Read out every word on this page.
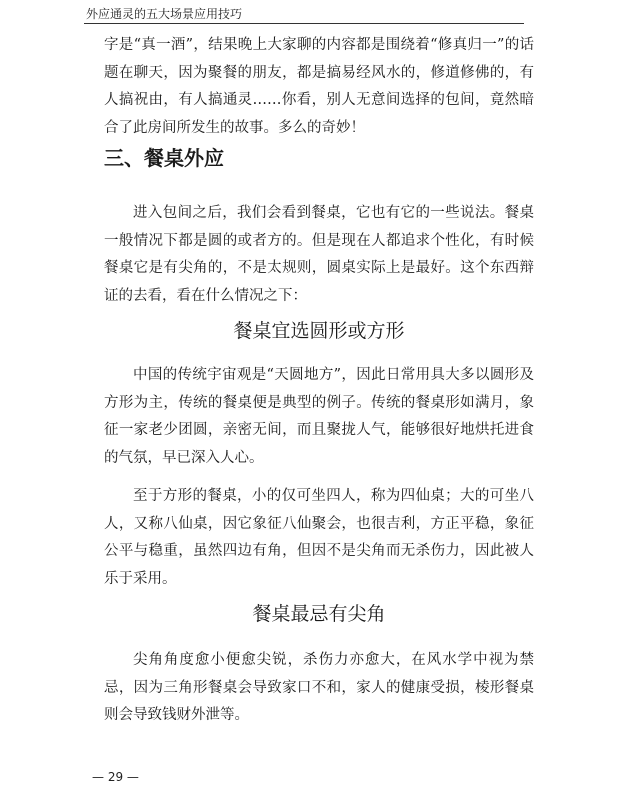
外应通灵的五大场景应用技巧

字是“真一酒”，结果晚上大家聊的内容都是围绕着“修真归一”的话题在聊天，因为聚餐的朋友，都是搞易经风水的，修道修佛的，有人搞祝由，有人搞通灵……你看，别人无意间选择的包间，竟然暗合了此房间所发生的故事。多么的奇妙！

三、餐桌外应

进入包间之后，我们会看到餐桌，它也有它的一些说法。餐桌一般情况下都是圆的或者方的。但是现在人都追求个性化，有时候餐桌它是有尖角的，不是太规则，圆桌实际上是最好。这个东西辩证的去看，看在什么情况之下：

餐桌宜选圆形或方形

中国的传统宇宙观是“天圆地方”，因此日常用具大多以圆形及方形为主，传统的餐桌便是典型的例子。传统的餐桌形如满月，象征一家老少团圆，亲密无间，而且聚拢人气，能够很好地烘托进食的气氛，早已深入人心。

至于方形的餐桌，小的仅可坐四人，称为四仙桌；大的可坐八人，又称八仙桌，因它象征八仙聚会，也很吉利，方正平稳，象征公平与稳重，虽然四边有角，但因不是尖角而无杀伤力，因此被人乐于采用。

餐桌最忌有尖角

尖角角度愈小便愈尖锐，杀伤力亦愈大，在风水学中视为禁忌，因为三角形餐桌会导致家口不和，家人的健康受损，棱形餐桌则会导致钱财外泄等。

— 29 —
